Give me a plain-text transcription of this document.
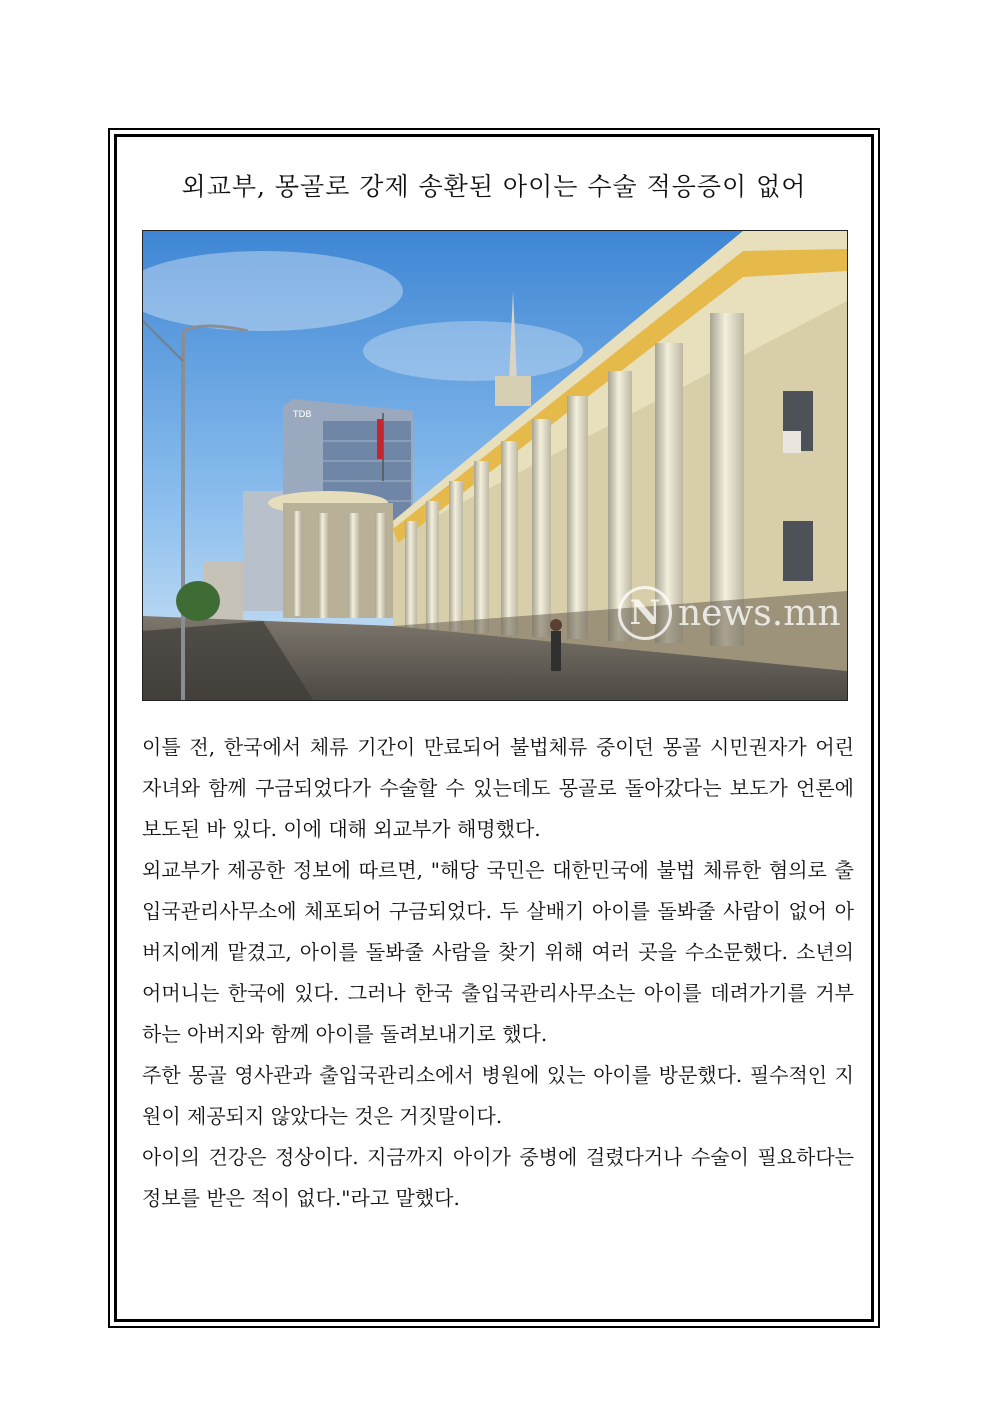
외교부, 몽골로 강제 송환된 아이는 수술 적응증이 없어
TDB
N news.mn

이틀 전, 한국에서 체류 기간이 만료되어 불법체류 중이던 몽골 시민권자가 어린 자녀와 함께 구금되었다가 수술할 수 있는데도 몽골로 돌아갔다는 보도가 언론에 보도된 바 있다. 이에 대해 외교부가 해명했다.

외교부가 제공한 정보에 따르면, "해당 국민은 대한민국에 불법 체류한 혐의로 출입국관리사무소에 체포되어 구금되었다. 두 살배기 아이를 돌봐줄 사람이 없어 아버지에게 맡겼고, 아이를 돌봐줄 사람을 찾기 위해 여러 곳을 수소문했다. 소년의 어머니는 한국에 있다. 그러나 한국 출입국관리사무소는 아이를 데려가기를 거부하는 아버지와 함께 아이를 돌려보내기로 했다.

주한 몽골 영사관과 출입국관리소에서 병원에 있는 아이를 방문했다. 필수적인 지원이 제공되지 않았다는 것은 거짓말이다.

아이의 건강은 정상이다. 지금까지 아이가 중병에 걸렸다거나 수술이 필요하다는 정보를 받은 적이 없다."라고 말했다.
